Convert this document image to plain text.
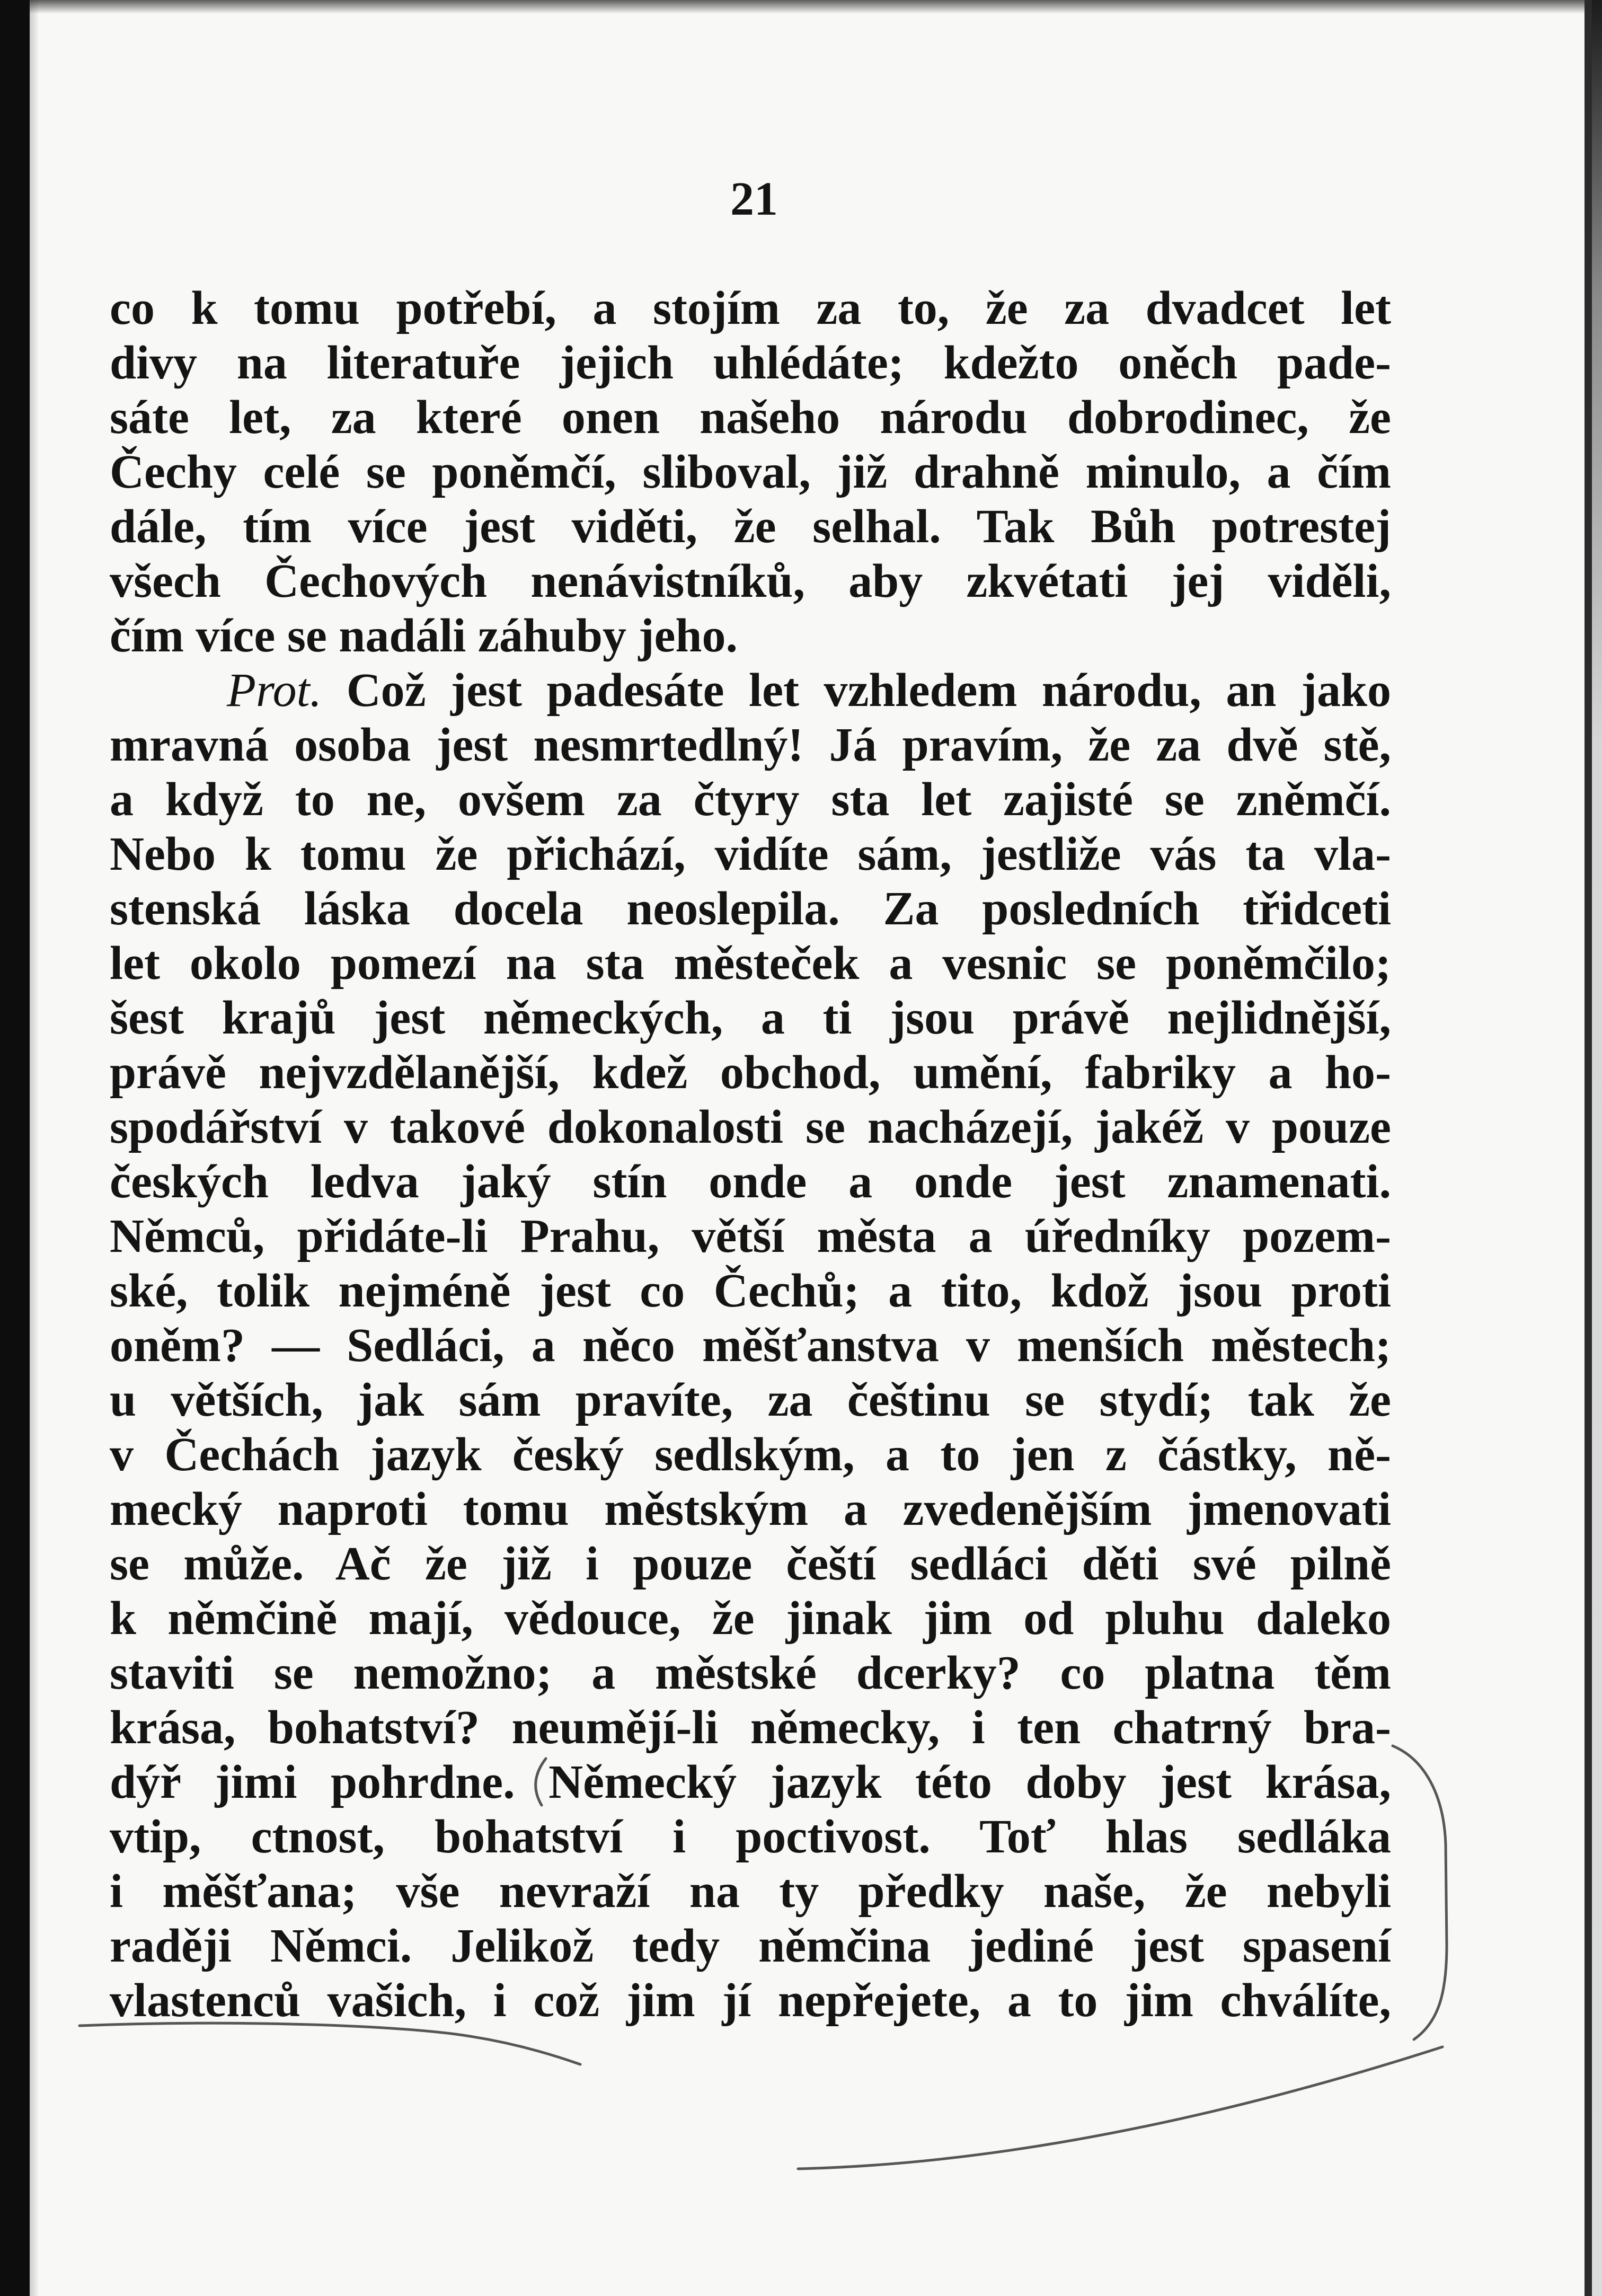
21
co k tomu potřebí, a stojím za to, že za dvadcet let
divy na literatuře jejich uhlédáte; kdežto oněch pade-
sáte let, za které onen našeho národu dobrodinec, že
Čechy celé se poněmčí, sliboval, již drahně minulo, a čím
dále, tím více jest viděti, že selhal. Tak Bůh potrestej
všech Čechových nenávistníků, aby zkvétati jej viděli,
čím více se nadáli záhuby jeho.
Prot. Což jest padesáte let vzhledem národu, an jako
mravná osoba jest nesmrtedlný! Já pravím, že za dvě stě,
a když to ne, ovšem za čtyry sta let zajisté se zněmčí.
Nebo k tomu že přichází, vidíte sám, jestliže vás ta vla-
stenská láska docela neoslepila. Za posledních třidceti
let okolo pomezí na sta městeček a vesnic se poněmčilo;
šest krajů jest německých, a ti jsou právě nejlidnější,
právě nejvzdělanější, kdež obchod, umění, fabriky a ho-
spodářství v takové dokonalosti se nacházejí, jakéž v pouze
českých ledva jaký stín onde a onde jest znamenati.
Němců, přidáte-li Prahu, větší města a úředníky pozem-
ské, tolik nejméně jest co Čechů; a tito, kdož jsou proti
oněm? — Sedláci, a něco měšťanstva v menších městech;
u větších, jak sám pravíte, za češtinu se stydí; tak že
v Čechách jazyk český sedlským, a to jen z částky, ně-
mecký naproti tomu městským a zvedenějším jmenovati
se může. Ač že již i pouze čeští sedláci děti své pilně
k němčině mají, vědouce, že jinak jim od pluhu daleko
staviti se nemožno; a městské dcerky? co platna těm
krása, bohatství? neumějí-li německy, i ten chatrný bra-
dýř jimi pohrdne. Německý jazyk této doby jest krása,
vtip, ctnost, bohatství i poctivost. Toť hlas sedláka
i měšťana; vše nevraží na ty předky naše, že nebyli
raději Němci. Jelikož tedy němčina jediné jest spasení
vlastenců vašich, i což jim jí nepřejete, a to jim chválíte,
